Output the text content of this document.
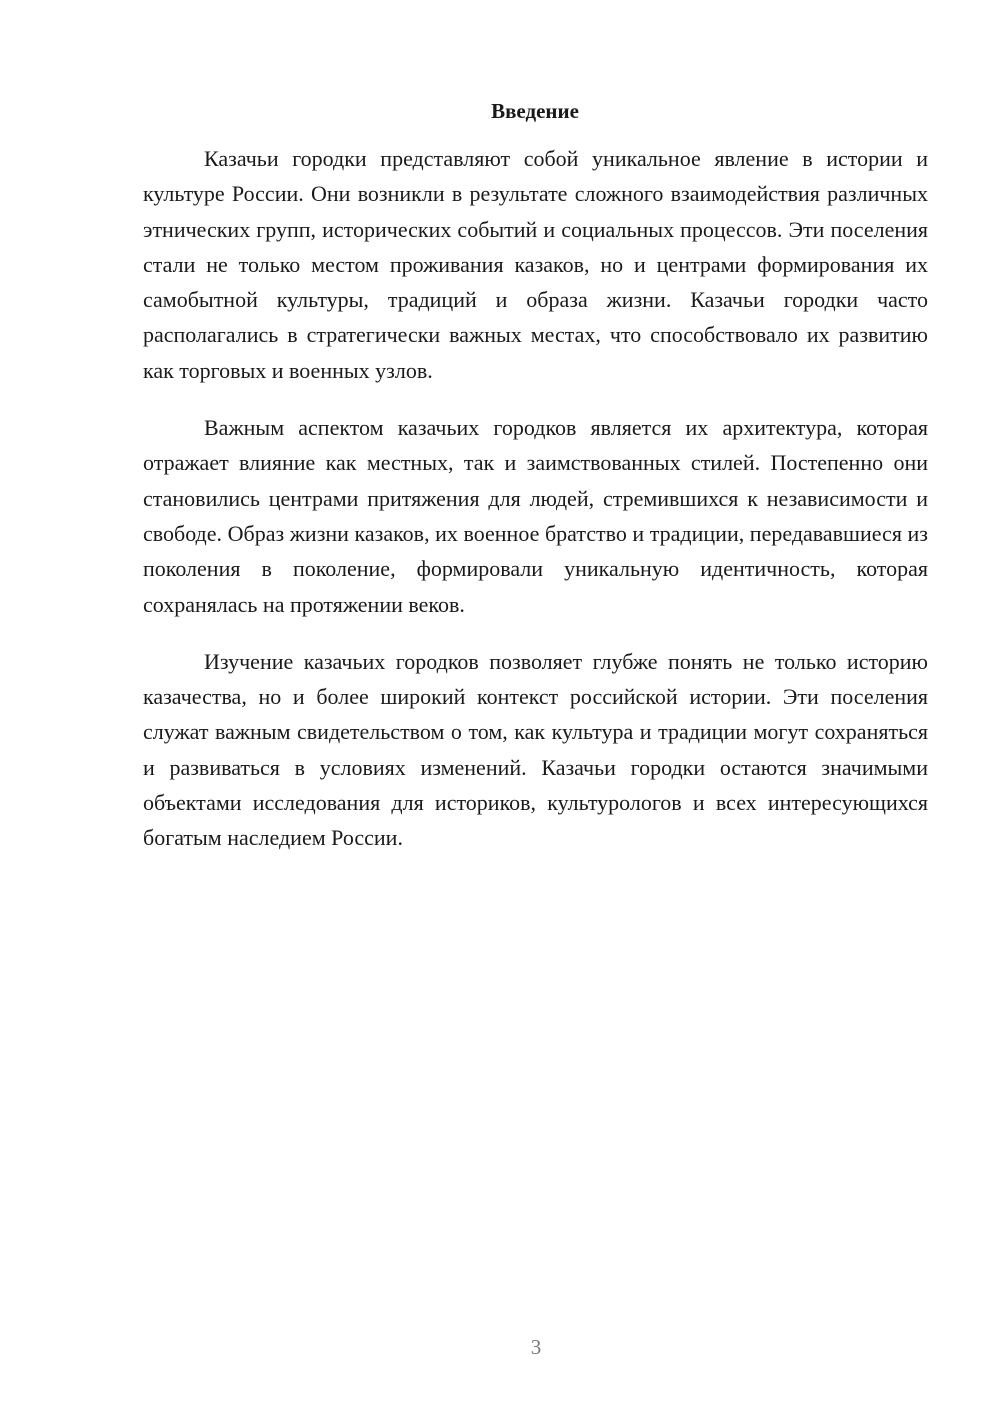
Введение

Казачьи городки представляют собой уникальное явление в истории и культуре России. Они возникли в результате сложного взаимодействия различных этнических групп, исторических событий и социальных процессов. Эти поселения стали не только местом проживания казаков, но и центрами формирования их самобытной культуры, традиций и образа жизни. Казачьи городки часто располагались в стратегически важных местах, что способствовало их развитию как торговых и военных узлов.

Важным аспектом казачьих городков является их архитектура, которая отражает влияние как местных, так и заимствованных стилей. Постепенно они становились центрами притяжения для людей, стремившихся к независимости и свободе. Образ жизни казаков, их военное братство и традиции, передававшиеся из поколения в поколение, формировали уникальную идентичность, которая сохранялась на протяжении веков.

Изучение казачьих городков позволяет глубже понять не только историю казачества, но и более широкий контекст российской истории. Эти поселения служат важным свидетельством о том, как культура и традиции могут сохраняться и развиваться в условиях изменений. Казачьи городки остаются значимыми объектами исследования для историков, культурологов и всех интересующихся богатым наследием России.

3
